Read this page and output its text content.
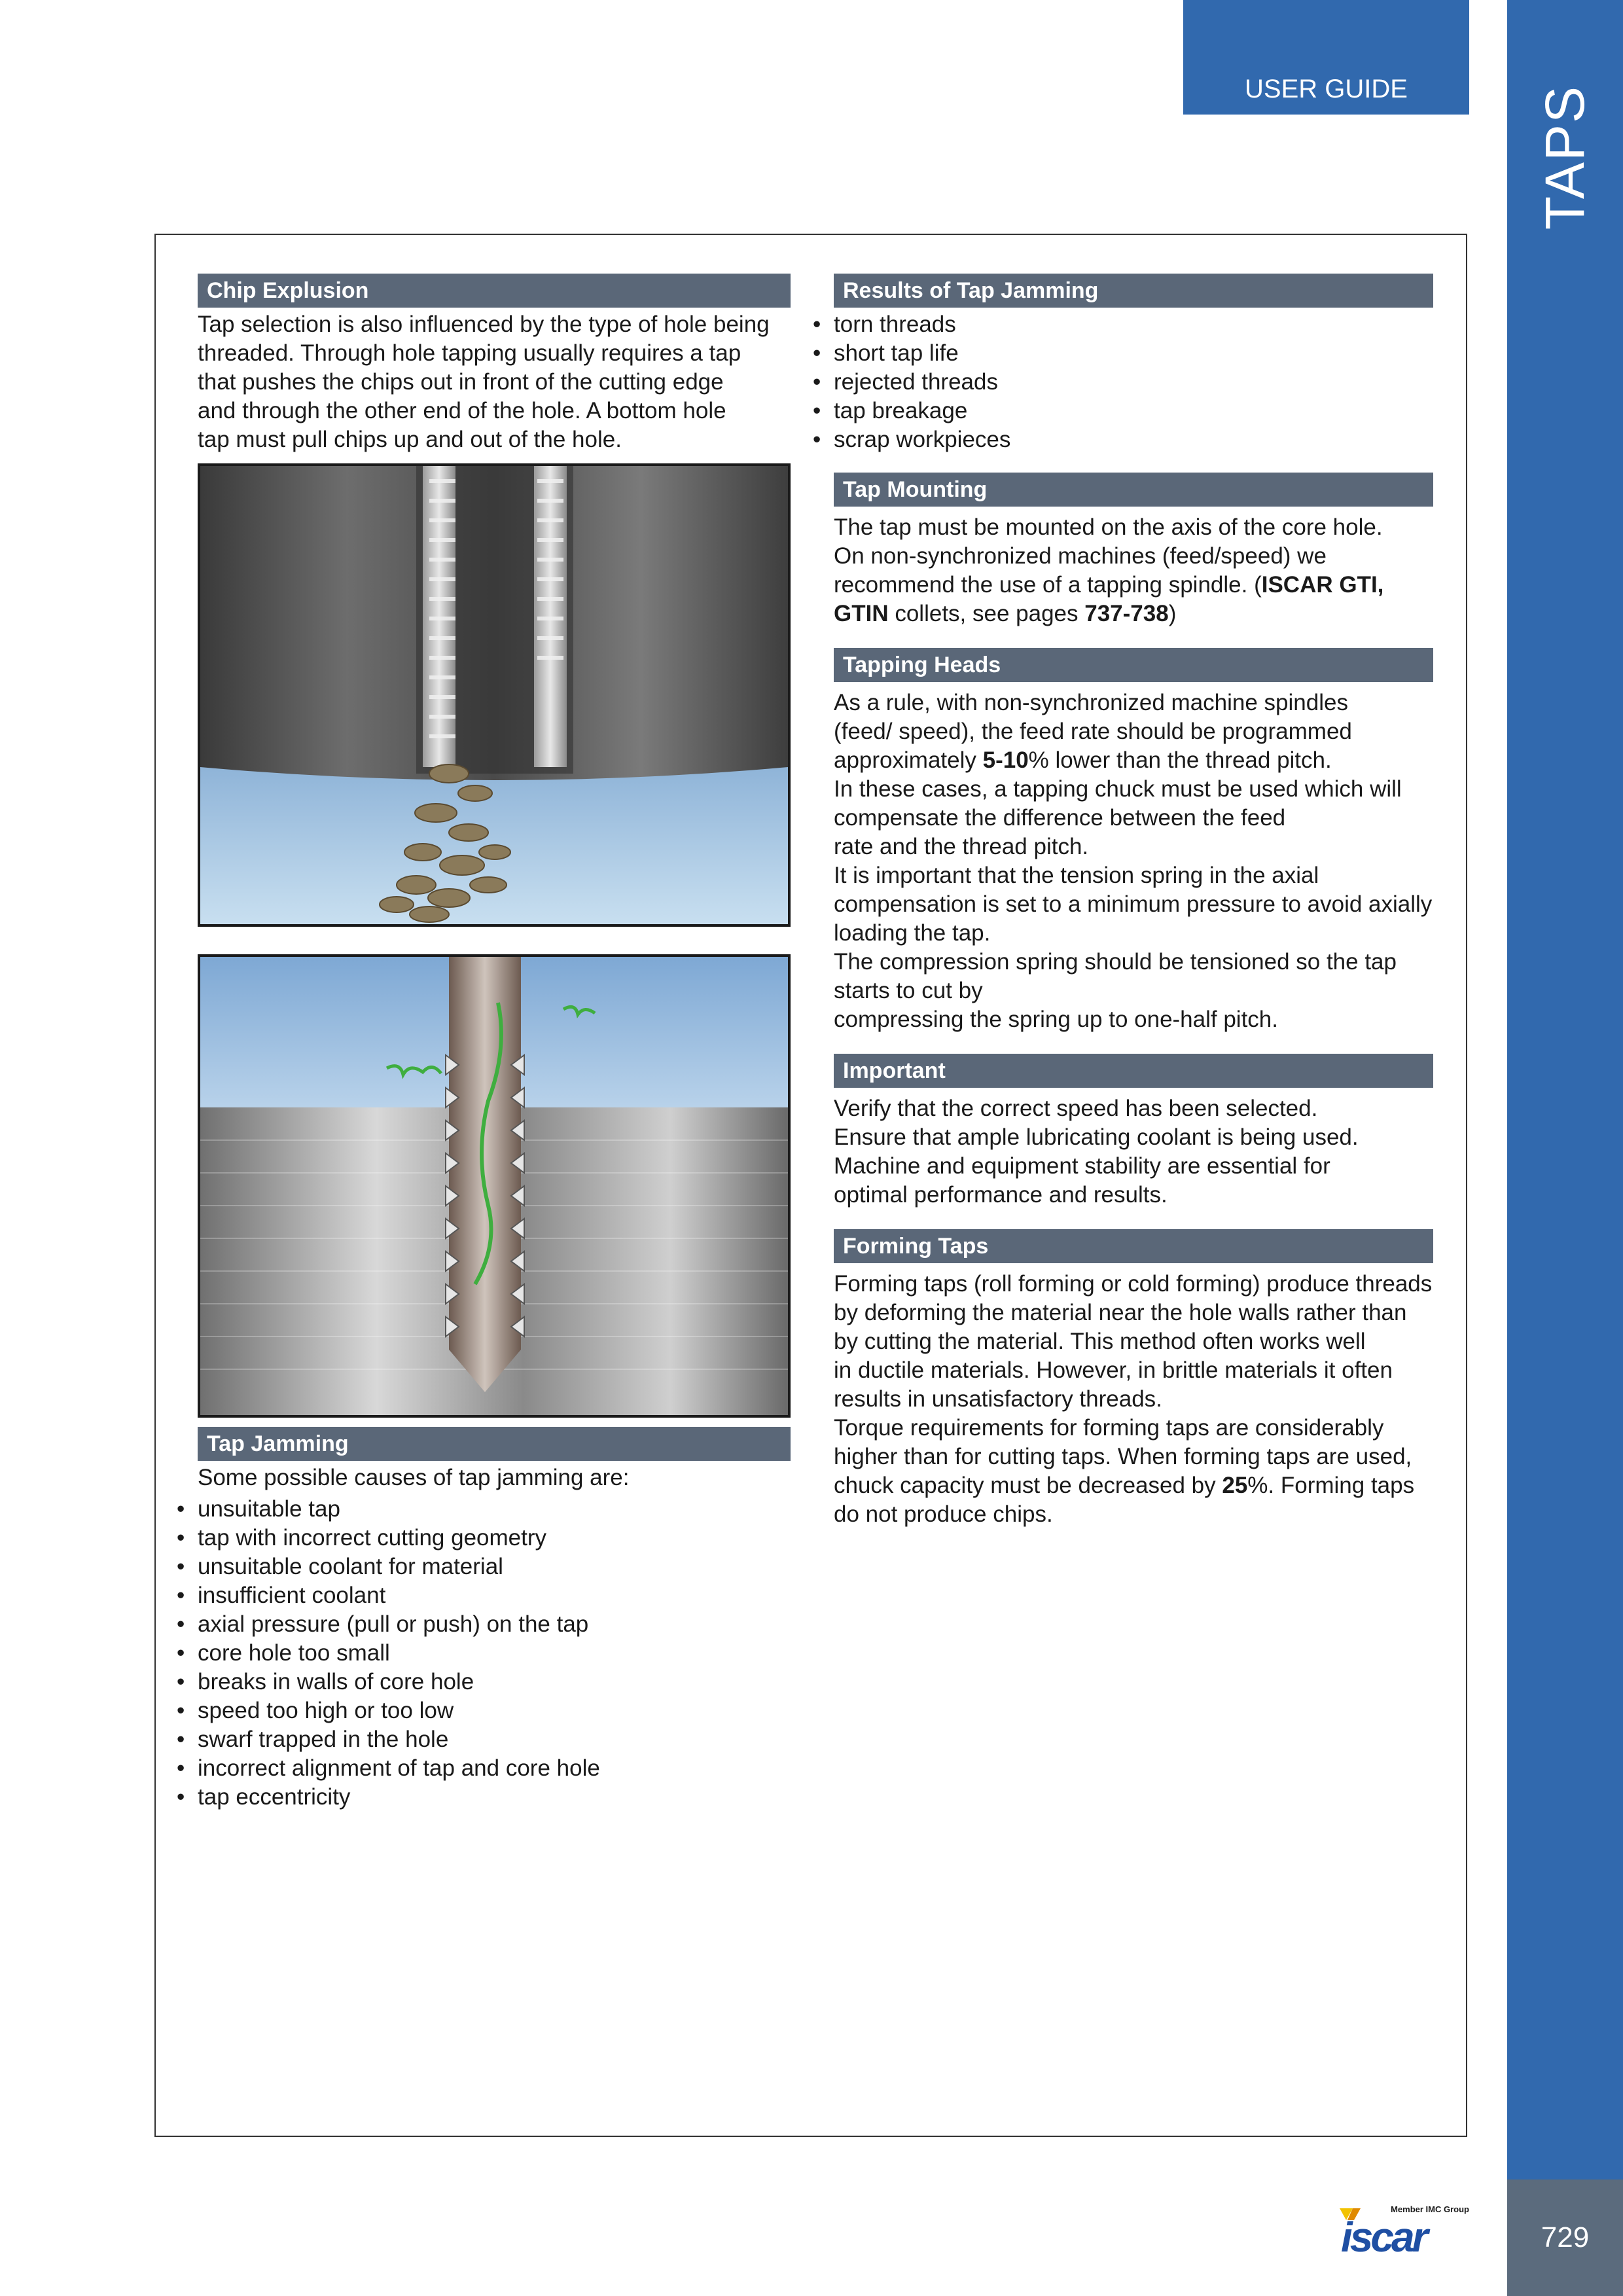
TAPS
USER GUIDE
729
Chip Explusion

Tap selection is also influenced by the type of hole being

threaded. Through hole tapping usually requires a tap

that pushes the chips out in front of the cutting edge

and through the other end of the hole. A bottom hole

tap must pull chips up and out of the hole.

Tap Jamming
Some possible causes of tap jamming are:
• unsuitable tap
• tap with incorrect cutting geometry
• unsuitable coolant for material
• insufficient coolant
• axial pressure (pull or push) on the tap
• core hole too small
• breaks in walls of core hole
• speed too high or too low
• swarf trapped in the hole
• incorrect alignment of tap and core hole
• tap eccentricity
Results of Tap Jamming
• torn threads
• short tap life
• rejected threads
• tap breakage
• scrap workpieces
Tap Mounting

The tap must be mounted on the axis of the core hole.

On non-synchronized machines (feed/speed) we

recommend the use of a tapping spindle. (ISCAR GTI,

GTIN collets, see pages 737-738)

Tapping Heads

As a rule, with non-synchronized machine spindles

(feed/ speed), the feed rate should be programmed

approximately 5-10% lower than the thread pitch.

In these cases, a tapping chuck must be used which will

compensate the difference between the feed

rate and the thread pitch.

It is important that the tension spring in the axial

compensation is set to a minimum pressure to avoid axially

loading the tap.

The compression spring should be tensioned so the tap

starts to cut by

compressing the spring up to one-half pitch.

Important

Verify that the correct speed has been selected.

Ensure that ample lubricating coolant is being used.

Machine and equipment stability are essential for

optimal performance and results.

Forming Taps

Forming taps (roll forming or cold forming) produce threads

by deforming the material near the hole walls rather than

by cutting the material. This method often works well

in ductile materials. However, in brittle materials it often

results in unsatisfactory threads.

Torque requirements for forming taps are considerably

higher than for cutting taps. When forming taps are used,

chuck capacity must be decreased by 25%. Forming taps

do not produce chips.

Member IMC Group
iscar
